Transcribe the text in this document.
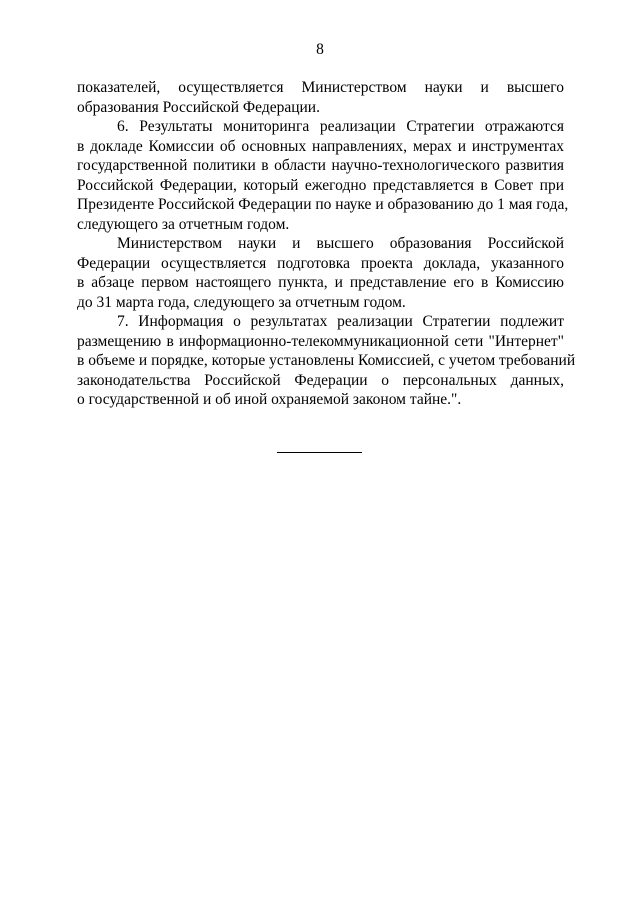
8

показателей, осуществляется Министерством науки и высшего
образования Российской Федерации.

6. Результаты мониторинга реализации Стратегии отражаются
в докладе Комиссии об основных направлениях, мерах и инструментах
государственной политики в области научно-технологического развития
Российской Федерации, который ежегодно представляется в Совет при
Президенте Российской Федерации по науке и образованию до 1 мая года,
следующего за отчетным годом.

Министерством науки и высшего образования Российской
Федерации осуществляется подготовка проекта доклада, указанного
в абзаце первом настоящего пункта, и представление его в Комиссию
до 31 марта года, следующего за отчетным годом.

7. Информация о результатах реализации Стратегии подлежит
размещению в информационно-телекоммуникационной сети "Интернет"
в объеме и порядке, которые установлены Комиссией, с учетом требований
законодательства Российской Федерации о персональных данных,
о государственной и об иной охраняемой законом тайне.".
